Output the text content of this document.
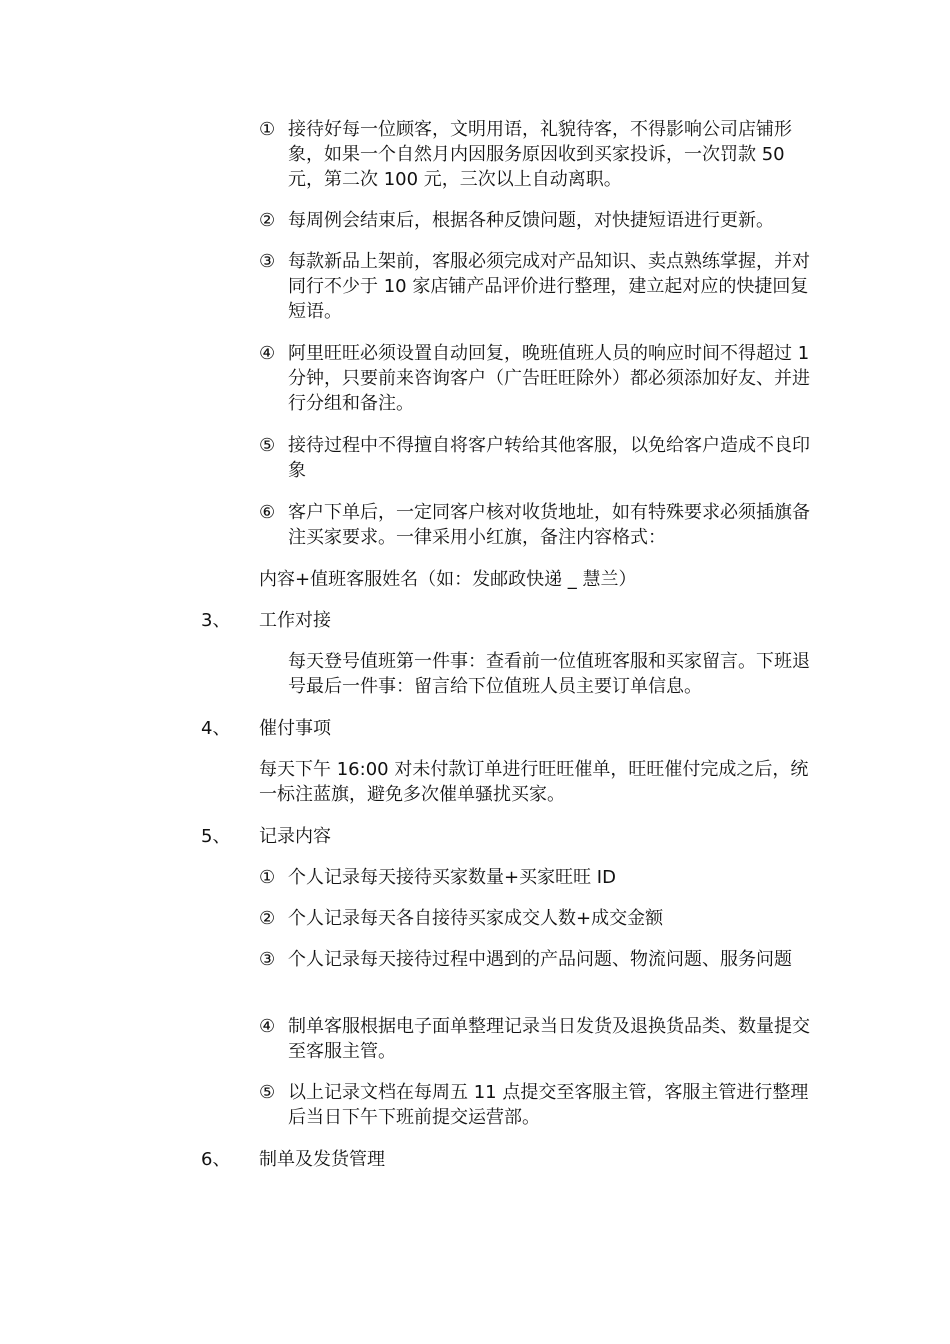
① 接待好每一位顾客，文明用语，礼貌待客，不得影响公司店铺形象，如果一个自然月内因服务原因收到买家投诉，一次罚款 50 元，第二次 100 元，三次以上自动离职。
② 每周例会结束后，根据各种反馈问题，对快捷短语进行更新。
③ 每款新品上架前，客服必须完成对产品知识、卖点熟练掌握，并对同行不少于 10 家店铺产品评价进行整理，建立起对应的快捷回复短语。
④ 阿里旺旺必须设置自动回复，晚班值班人员的响应时间不得超过 1 分钟，只要前来咨询客户（广告旺旺除外）都必须添加好友、并进行分组和备注。
⑤ 接待过程中不得擅自将客户转给其他客服，以免给客户造成不良印象
⑥ 客户下单后，一定同客户核对收货地址，如有特殊要求必须插旗备注买家要求。一律采用小红旗，备注内容格式：
内容+值班客服姓名（如：发邮政快递 _ 慧兰）
3、	工作对接
每天登号值班第一件事：查看前一位值班客服和买家留言。下班退号最后一件事：留言给下位值班人员主要订单信息。
4、	催付事项
每天下午 16:00 对未付款订单进行旺旺催单，旺旺催付完成之后，统一标注蓝旗，避免多次催单骚扰买家。
5、	记录内容
① 个人记录每天接待买家数量+买家旺旺 ID
② 个人记录每天各自接待买家成交人数+成交金额
③ 个人记录每天接待过程中遇到的产品问题、物流问题、服务问题
④ 制单客服根据电子面单整理记录当日发货及退换货品类、数量提交至客服主管。
⑤ 以上记录文档在每周五 11 点提交至客服主管，客服主管进行整理后当日下午下班前提交运营部。
6、	制单及发货管理
